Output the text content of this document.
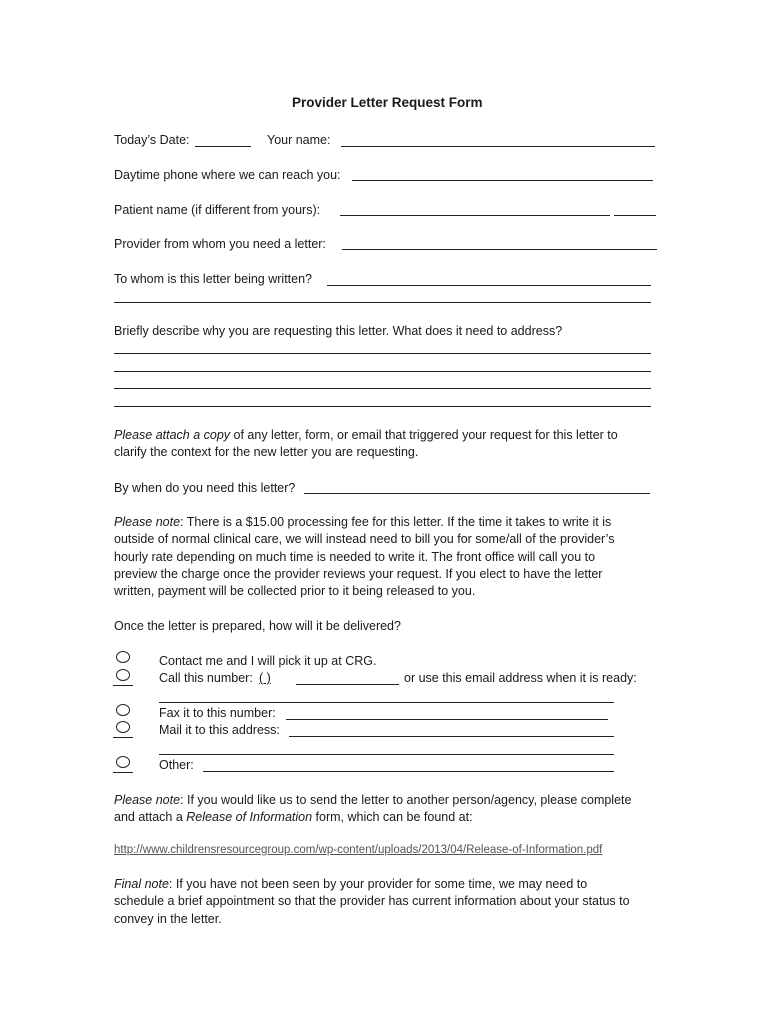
Provider Letter Request Form
Today’s Date:	Your name:
Daytime phone where we can reach you:
Patient name (if different from yours):
Provider from whom you need a letter:
To whom is this letter being written?
Briefly describe why you are requesting this letter. What does it need to address?
Please attach a copy of any letter, form, or email that triggered your request for this letter to
clarify the context for the new letter you are requesting.
By when do you need this letter?
Please note: There is a $15.00 processing fee for this letter. If the time it takes to write it is
outside of normal clinical care, we will instead need to bill you for some/all of the provider’s
hourly rate depending on much time is needed to write it. The front office will call you to
preview the charge once the provider reviews your request. If you elect to have the letter
written, payment will be collected prior to it being released to you.
Once the letter is prepared, how will it be delivered?
Contact me and I will pick it up at CRG.
Call this number: ( )	or use this email address when it is ready:
Fax it to this number:
Mail it to this address:
Other:
Please note: If you would like us to send the letter to another person/agency, please complete
and attach a Release of Information form, which can be found at:
http://www.childrensresourcegroup.com/wp-content/uploads/2013/04/Release-of-Information.pdf
Final note: If you have not been seen by your provider for some time, we may need to
schedule a brief appointment so that the provider has current information about your status to
convey in the letter.
